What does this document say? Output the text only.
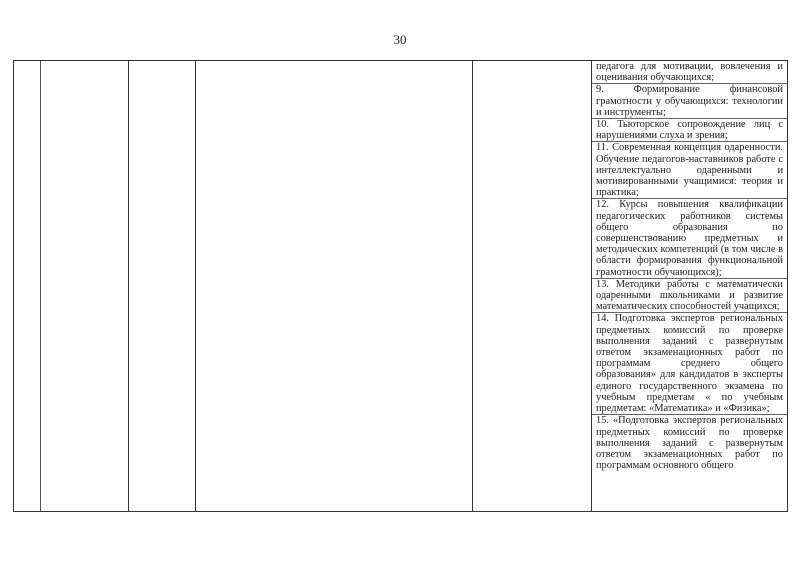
30

педагога для мотивации, вовлечения и оценивания обучающихся;

9. Формирование финансовой грамотности у обучающихся: технологии и инструменты;

10. Тьюторское сопровождение лиц с нарушениями слуха и зрения;

11. Современная концепция одаренности. Обучение педагогов-наставников работе с интеллектуально одаренными и мотивированными учащимися: теория и практика;

12. Курсы повышения квалификации педагогических работников системы общего образования по совершенствованию предметных и методических компетенций (в том числе в области формирования функциональной грамотности обучающихся);

13. Методики работы с математически одаренными школьниками и развитие математических способностей учащихся;

14. Подготовка экспертов региональных предметных комиссий по проверке выполнения заданий с развернутым ответом экзаменационных работ по программам среднего общего образования» для кандидатов в эксперты единого государственного экзамена по учебным предметам « по учебным предметам: «Математика» и «Физика»;

15. «Подготовка экспертов региональных предметных комиссий по проверке выполнения заданий с развернутым ответом экзаменационных работ по программам основного общего
